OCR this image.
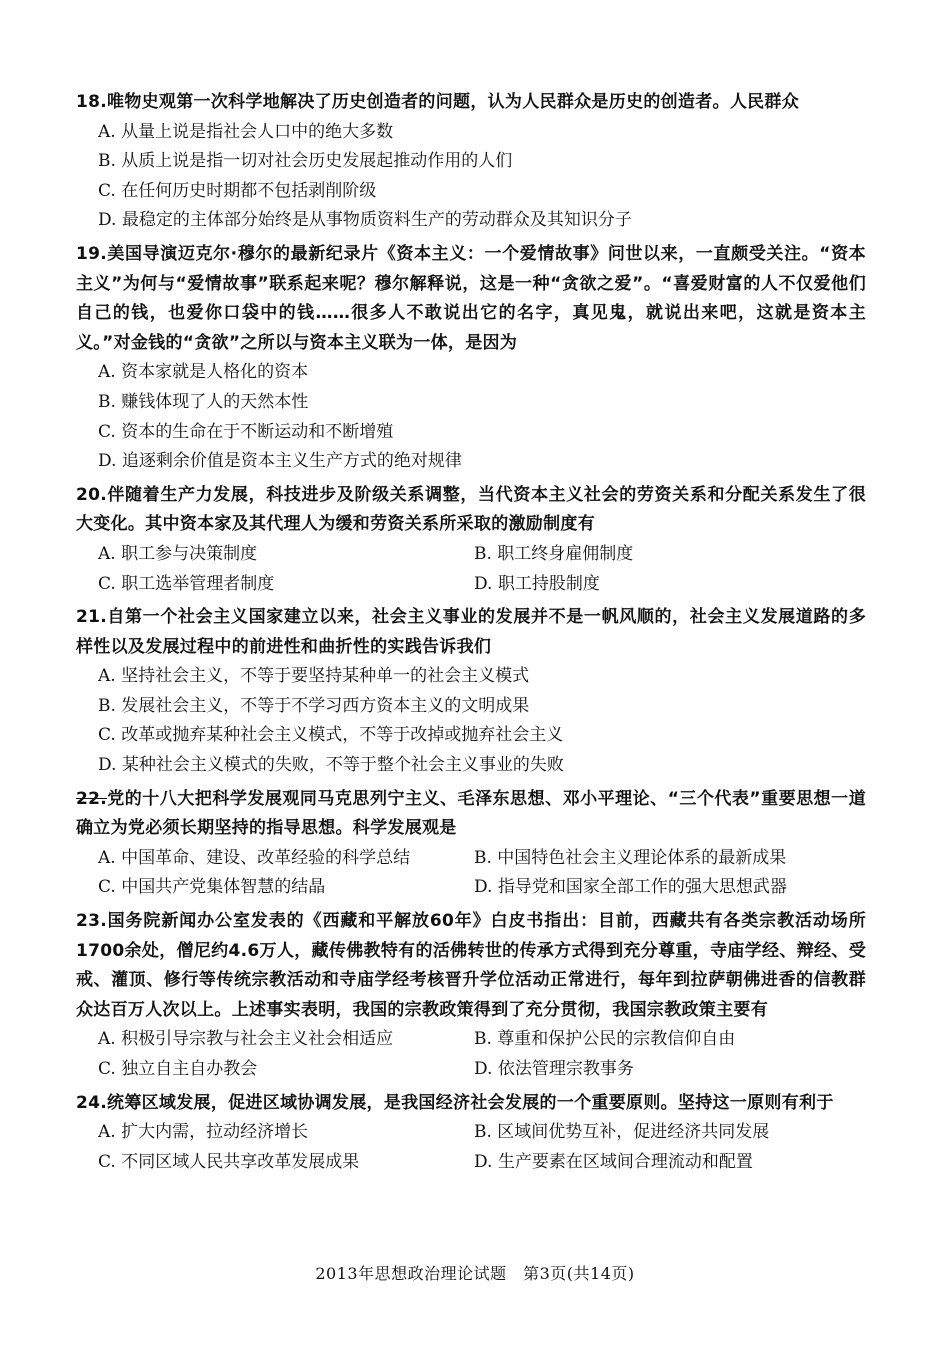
18.唯物史观第一次科学地解决了历史创造者的问题，认为人民群众是历史的创造者。人民群众
A. 从量上说是指社会人口中的绝大多数
B. 从质上说是指一切对社会历史发展起推动作用的人们
C. 在任何历史时期都不包括剥削阶级
D. 最稳定的主体部分始终是从事物质资料生产的劳动群众及其知识分子
19.美国导演迈克尔·穆尔的最新纪录片《资本主义：一个爱情故事》问世以来，一直颇受关注。“资本主义”为何与“爱情故事”联系起来呢？穆尔解释说，这是一种“贪欲之爱”。“喜爱财富的人不仅爱他们自己的钱，也爱你口袋中的钱……很多人不敢说出它的名字，真见鬼，就说出来吧，这就是资本主义。”对金钱的“贪欲”之所以与资本主义联为一体，是因为
A. 资本家就是人格化的资本
B. 赚钱体现了人的天然本性
C. 资本的生命在于不断运动和不断增殖
D. 追逐剩余价值是资本主义生产方式的绝对规律
20.伴随着生产力发展，科技进步及阶级关系调整，当代资本主义社会的劳资关系和分配关系发生了很大变化。其中资本家及其代理人为缓和劳资关系所采取的激励制度有
A. 职工参与决策制度	B. 职工终身雇佣制度
C. 职工选举管理者制度	D. 职工持股制度
21.自第一个社会主义国家建立以来，社会主义事业的发展并不是一帆风顺的，社会主义发展道路的多样性以及发展过程中的前进性和曲折性的实践告诉我们
A. 坚持社会主义，不等于要坚持某种单一的社会主义模式
B. 发展社会主义，不等于不学习西方资本主义的文明成果
C. 改革或抛弃某种社会主义模式，不等于改掉或抛弃社会主义
D. 某种社会主义模式的失败，不等于整个社会主义事业的失败
22.党的十八大把科学发展观同马克思列宁主义、毛泽东思想、邓小平理论、“三个代表”重要思想一道确立为党必须长期坚持的指导思想。科学发展观是
A. 中国革命、建设、改革经验的科学总结	B. 中国特色社会主义理论体系的最新成果
C. 中国共产党集体智慧的结晶	D. 指导党和国家全部工作的强大思想武器
23.国务院新闻办公室发表的《西藏和平解放60年》白皮书指出：目前，西藏共有各类宗教活动场所1700余处，僧尼约4.6万人，藏传佛教特有的活佛转世的传承方式得到充分尊重，寺庙学经、辩经、受戒、灌顶、修行等传统宗教活动和寺庙学经考核晋升学位活动正常进行，每年到拉萨朝佛进香的信教群众达百万人次以上。上述事实表明，我国的宗教政策得到了充分贯彻，我国宗教政策主要有
A. 积极引导宗教与社会主义社会相适应	B. 尊重和保护公民的宗教信仰自由
C. 独立自主自办教会	D. 依法管理宗教事务
24.统筹区域发展，促进区域协调发展，是我国经济社会发展的一个重要原则。坚持这一原则有利于
A. 扩大内需，拉动经济增长	B. 区域间优势互补，促进经济共同发展
C. 不同区域人民共享改革发展成果	D. 生产要素在区域间合理流动和配置
2013年思想政治理论试题　第3页(共14页)
